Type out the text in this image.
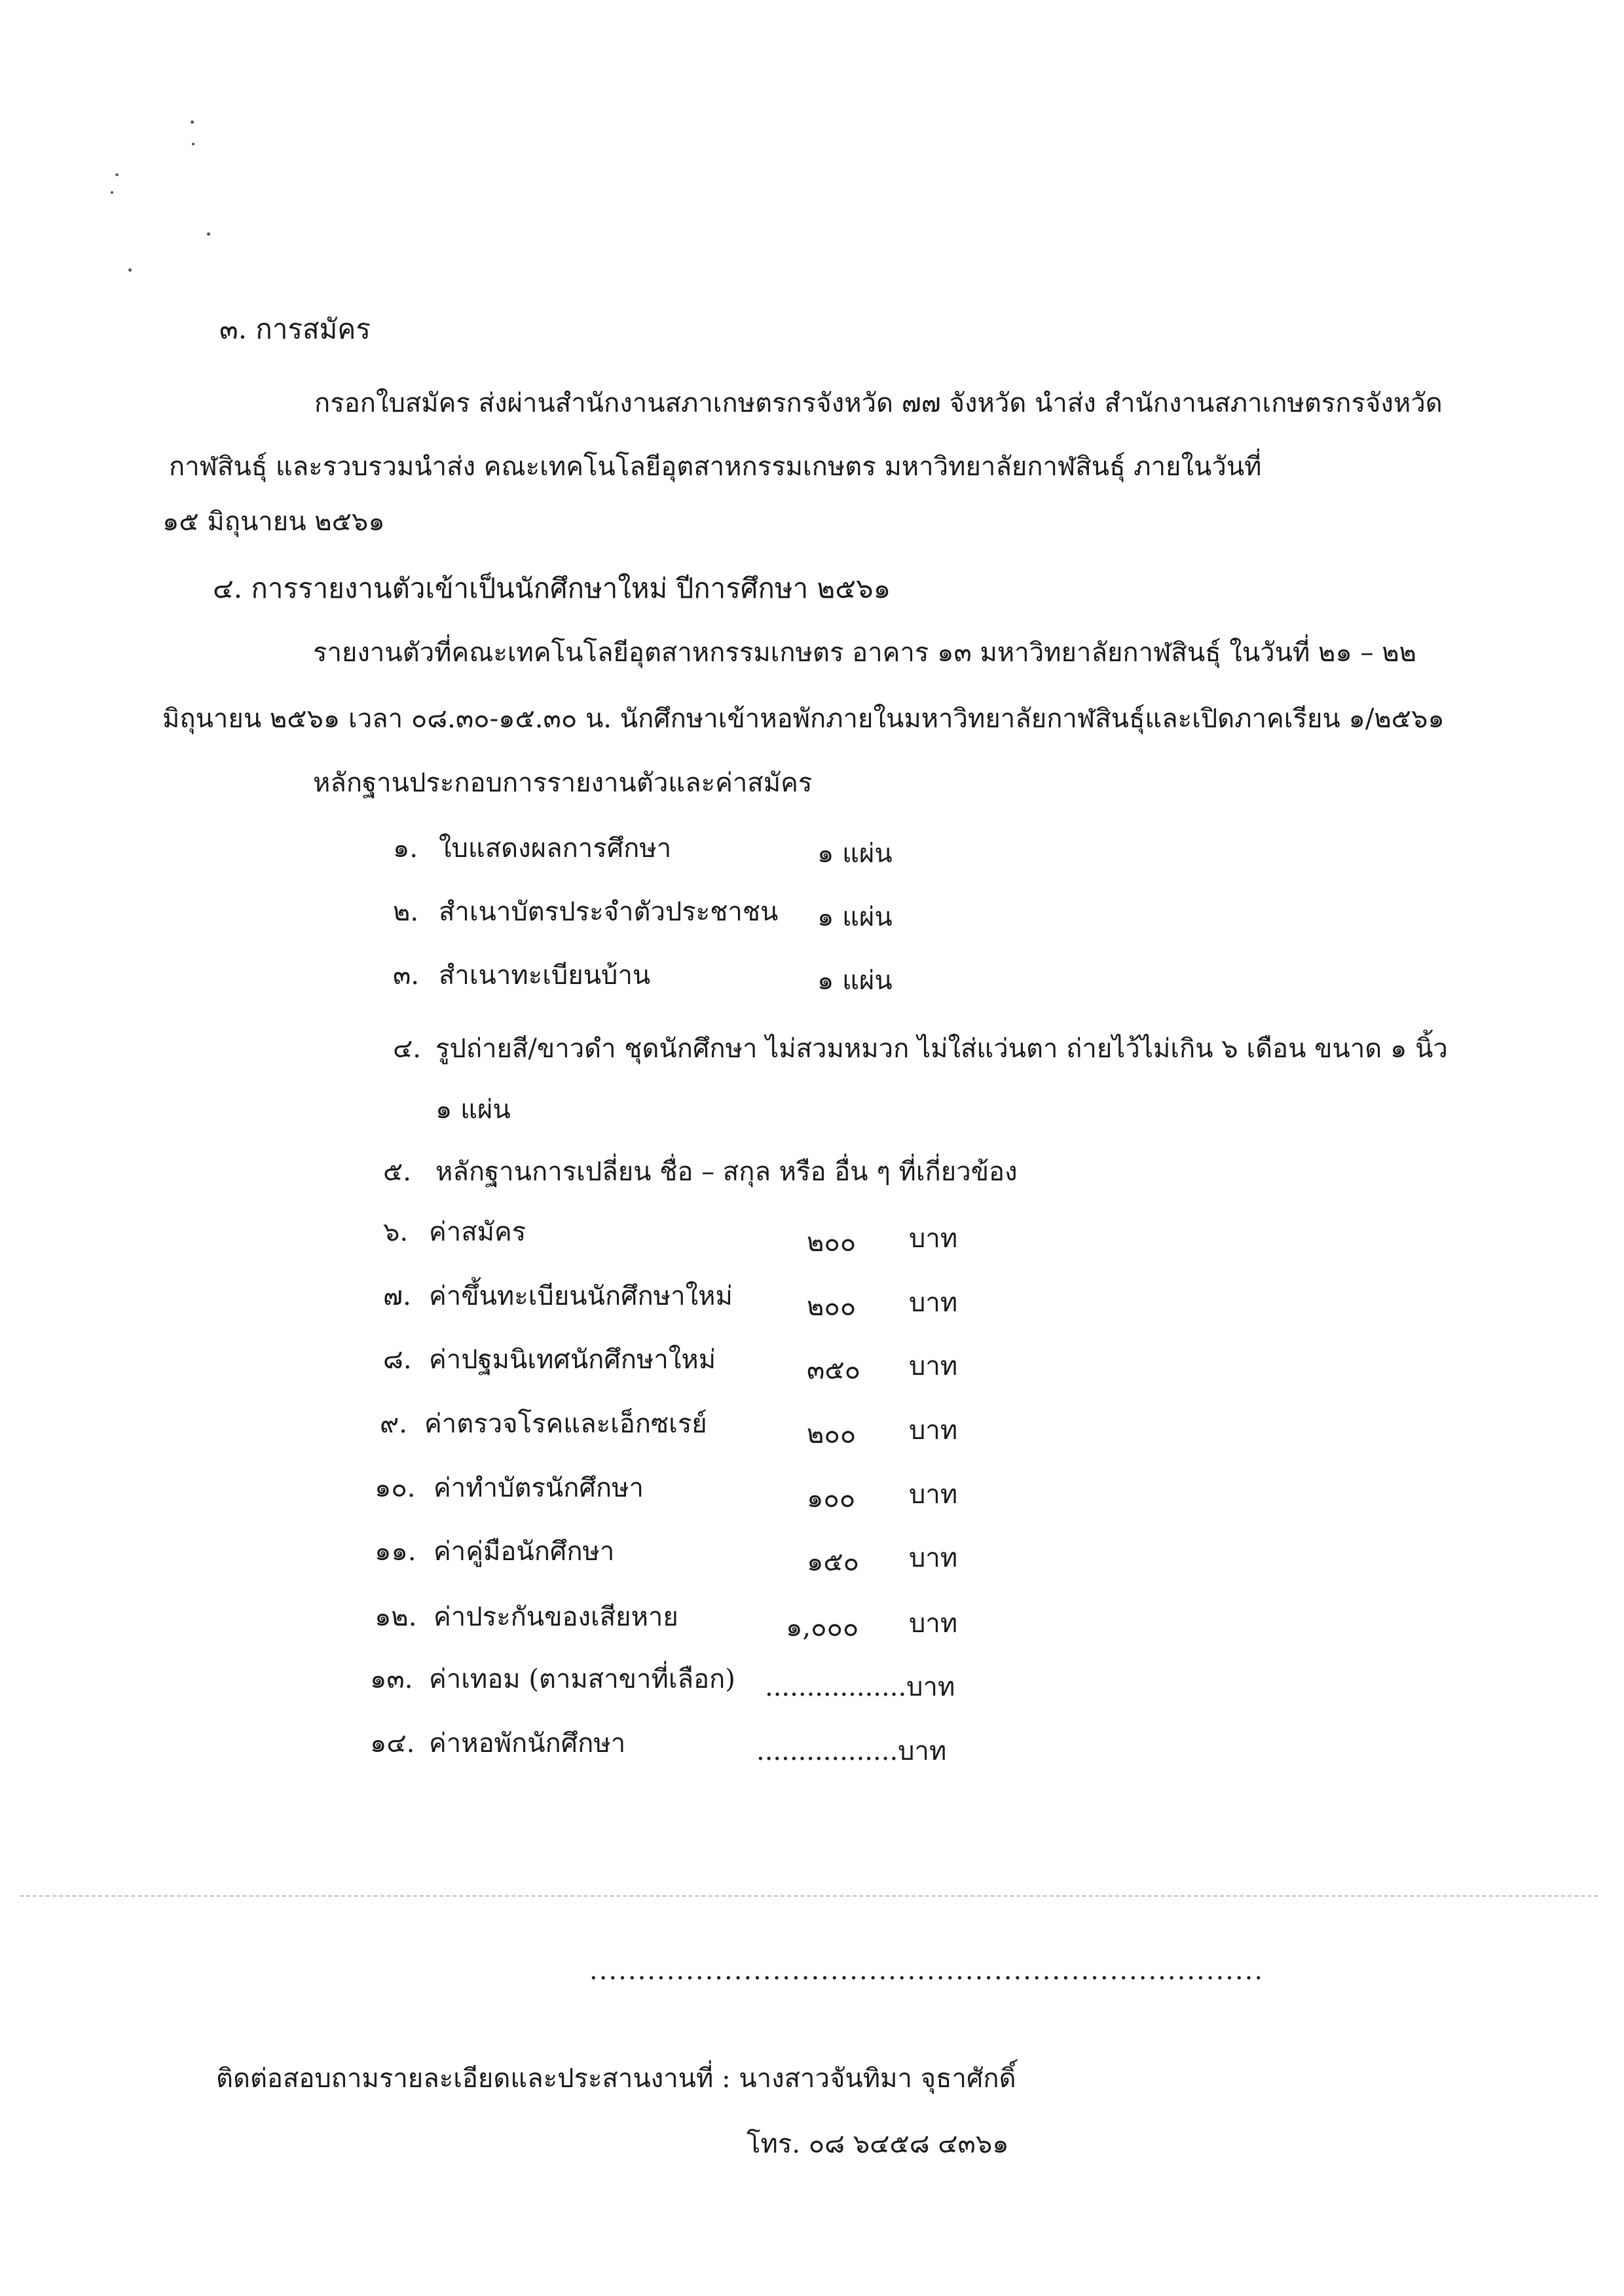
๓. การสมัคร
กรอกใบสมัคร ส่งผ่านสำนักงานสภาเกษตรกรจังหวัด ๗๗ จังหวัด นำส่ง สำนักงานสภาเกษตรกรจังหวัด
กาฬสินธุ์ และรวบรวมนำส่ง คณะเทคโนโลยีอุตสาหกรรมเกษตร มหาวิทยาลัยกาฬสินธุ์ ภายในวันที่
๑๕ มิถุนายน ๒๕๖๑
๔. การรายงานตัวเข้าเป็นนักศึกษาใหม่ ปีการศึกษา ๒๕๖๑
รายงานตัวที่คณะเทคโนโลยีอุตสาหกรรมเกษตร อาคาร ๑๓ มหาวิทยาลัยกาฬสินธุ์ ในวันที่ ๒๑ – ๒๒
มิถุนายน ๒๕๖๑ เวลา ๐๘.๓๐-๑๕.๓๐ น. นักศึกษาเข้าหอพักภายในมหาวิทยาลัยกาฬสินธุ์และเปิดภาคเรียน ๑/๒๕๖๑
หลักฐานประกอบการรายงานตัวและค่าสมัคร
๑. ใบแสดงผลการศึกษา	๑ แผ่น
๒. สำเนาบัตรประจำตัวประชาชน ๑ แผ่น
๓. สำเนาทะเบียนบ้าน	๑ แผ่น
๔. รูปถ่ายสี/ขาวดำ ชุดนักศึกษา ไม่สวมหมวก ไม่ใส่แว่นตา ถ่ายไว้ไม่เกิน ๖ เดือน ขนาด ๑ นิ้ว
๑ แผ่น
๕. หลักฐานการเปลี่ยน ชื่อ – สกุล หรือ อื่น ๆ ที่เกี่ยวข้อง
๖. ค่าสมัคร	๒๐๐ บาท
๗. ค่าขึ้นทะเบียนนักศึกษาใหม่	๒๐๐ บาท
๘. ค่าปฐมนิเทศนักศึกษาใหม่	๓๕๐ บาท
๙. ค่าตรวจโรคและเอ็กซเรย์	๒๐๐ บาท
๑๐. ค่าทำบัตรนักศึกษา	๑๐๐ บาท
๑๑. ค่าคู่มือนักศึกษา	๑๕๐ บาท
๑๒. ค่าประกันของเสียหาย	๑,๐๐๐ บาท
๑๓. ค่าเทอม (ตามสาขาที่เลือก) .................บาท
๑๔. ค่าหอพักนักศึกษา	.................บาท
......................................................................
ติดต่อสอบถามรายละเอียดและประสานงานที่ : นางสาวจันทิมา จุธาศักดิ์
โทร. ๐๘ ๖๔๕๘ ๔๓๖๑
